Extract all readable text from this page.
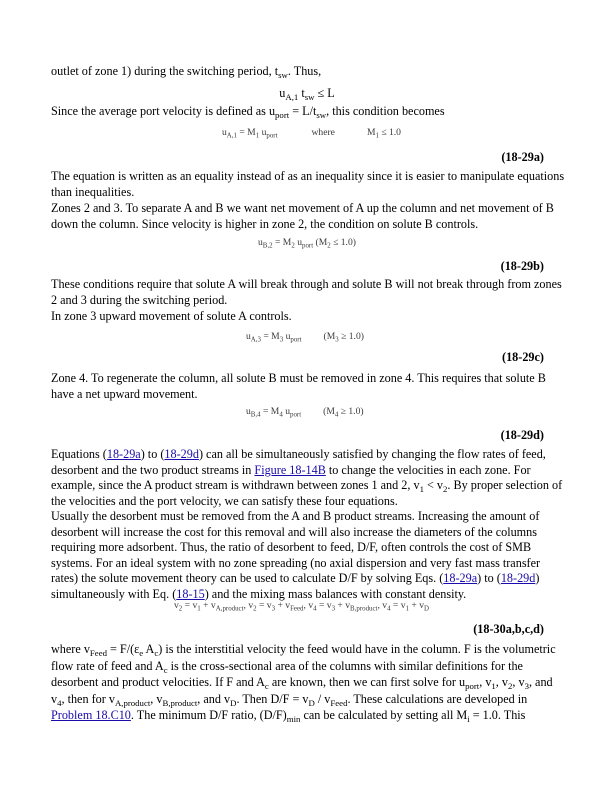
outlet of zone 1) during the switching period, $t_{sw}$. Thus,

$u_{A,1}$ $t_{sw} \le L$

Since the average port velocity is defined as $u_{port} = L/t_{sw}$, this condition becomes

$u_{A,1} = M_1$ $u_{port}$	where	$M_1 \le 1.0$

(18-29a)

The equation is written as an equality instead of as an inequality since it is easier to manipulate equations than inequalities.

Zones 2 and 3. To separate A and B we want net movement of A up the column and net movement of B down the column. Since velocity is higher in zone 2, the condition on solute B controls.

$u_{B,2} = M_2$ $u_{port}$ $(M_2 \le 1.0)$

(18-29b)

These conditions require that solute A will break through and solute B will not break through from zones 2 and 3 during the switching period.

In zone 3 upward movement of solute A controls.

$u_{A,3} = M_3$ $u_{port}$ $(M_3 \ge 1.0)$

(18-29c)

Zone 4. To regenerate the column, all solute B must be removed in zone 4. This requires that solute B have a net upward movement.

$u_{B,4} = M_4$ $u_{port}$ $(M_4 \ge 1.0)$

(18-29d)

Equations (18-29a) to (18-29d) can all be simultaneously satisfied by changing the flow rates of feed, desorbent and the two product streams in Figure 18-14B to change the velocities in each zone. For example, since the A product stream is withdrawn between zones 1 and 2, $v_1 < v_2$. By proper selection of the velocities and the port velocity, we can satisfy these four equations.

Usually the desorbent must be removed from the A and B product streams. Increasing the amount of desorbent will increase the cost for this removal and will also increase the diameters of the columns requiring more adsorbent. Thus, the ratio of desorbent to feed, D/F, often controls the cost of SMB systems. For an ideal system with no zone spreading (no axial dispersion and very fast mass transfer rates) the solute movement theory can be used to calculate D/F by solving Eqs. (18-29a) to (18-29d) simultaneously with Eq. (18-15) and the mixing mass balances with constant density.

$v_2 = v_1 + v_{A,product}$, $v_2 = v_3 + v_{Feed}$, $v_4 = v_3 + v_{B,product}$, $v_4 = v_1 + v_D$

(18-30a,b,c,d)

where $v_{Feed} = F/(\varepsilon_e$ $A_c$) is the interstitial velocity the feed would have in the column. F is the volumetric flow rate of feed and $A_c$ is the cross-sectional area of the columns with similar definitions for the desorbent and product velocities. If F and $A_c$ are known, then we can first solve for $u_{port}$, $v_1$, $v_2$, $v_3$, and $v_4$, then for $v_{A,product}$, $v_{B,product}$, and $v_D$. Then $D/F = v_D / v_{Feed}$. These calculations are developed in Problem 18.C10. The minimum D/F ratio, $(D/F)_{min}$ can be calculated by setting all $M_i = 1.0$. This
